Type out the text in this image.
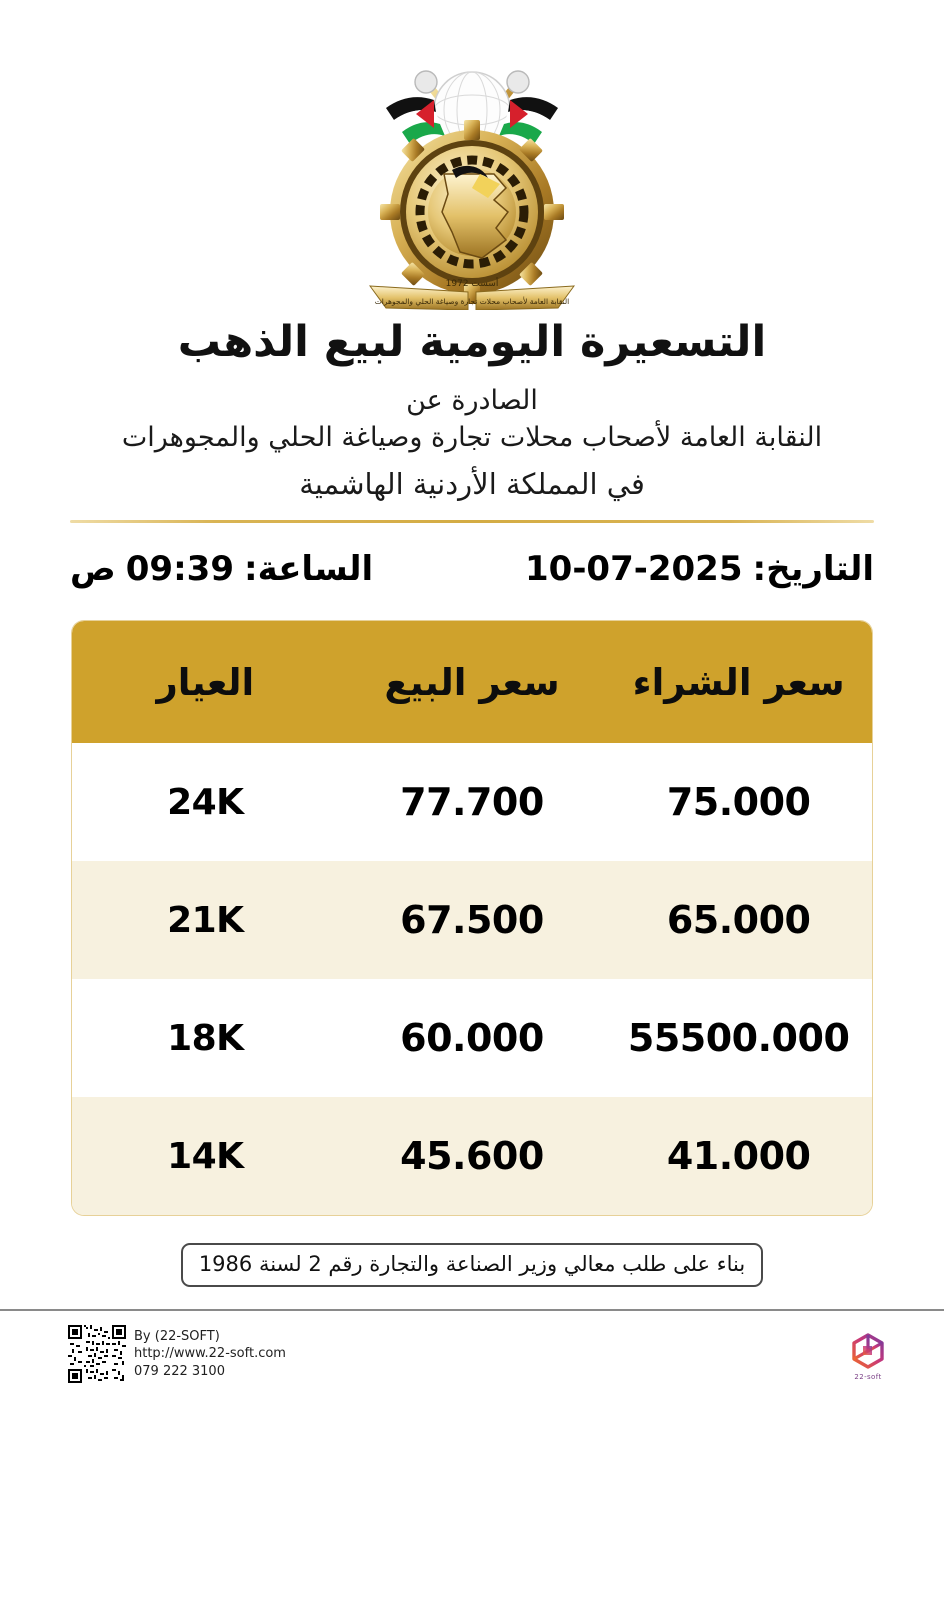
أسست 1972
النقابة العامة لأصحاب محلات تجارة وصياغة الحلي والمجوهرات
التسعيرة اليومية لبيع الذهب
الصادرة عن
النقابة العامة لأصحاب محلات تجارة وصياغة الحلي والمجوهرات
في المملكة الأردنية الهاشمية
التاريخ:
10-07-2025
الساعة:
09:39
ص
سعر الشراء
سعر البيع
العيار
75.000
77.700
24K
65.000
67.500
21K
55500.000
60.000
18K
41.000
45.600
14K
بناء على طلب معالي وزير الصناعة والتجارة رقم 2 لسنة 1986
By (22-SOFT)
http://www.22-soft.com
079 222 3100	22-soft
